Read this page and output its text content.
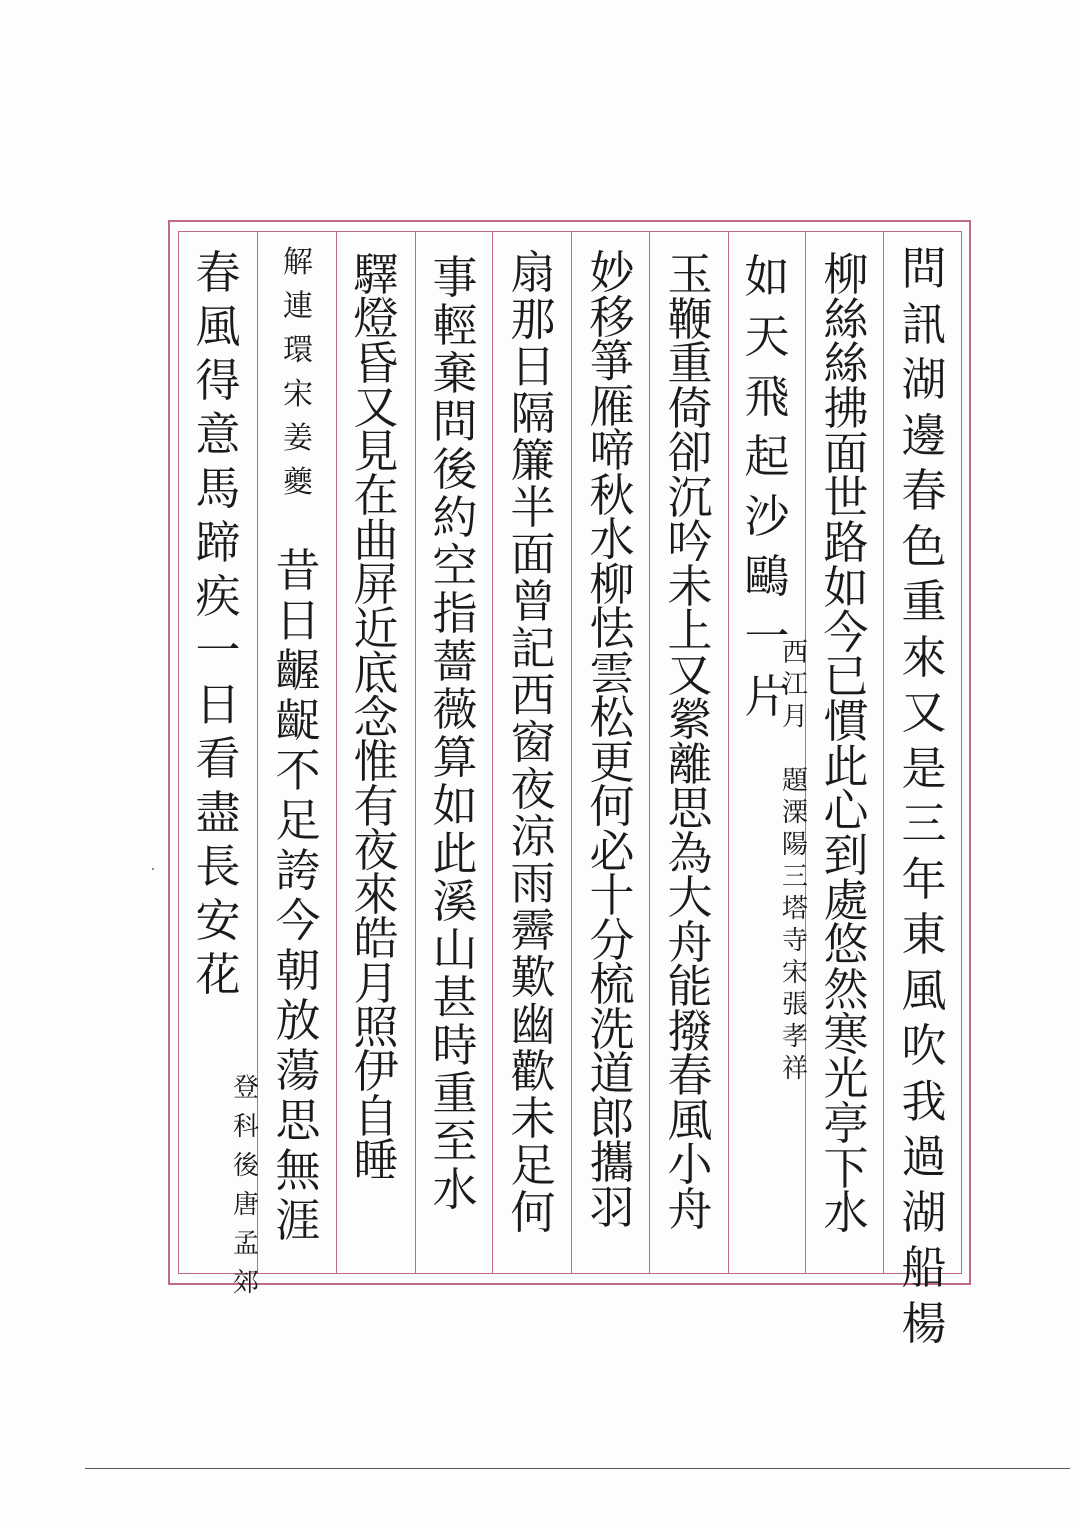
問
訊
湖
邊
春
色
重
來
又
是
三
年
東
風
吹
我
過
湖
船
楊
柳
絲
絲
拂
面
世
路
如
今
已
慣
此
心
到
處
悠
然
寒
光
亭
下
水
如
天
飛
起
沙
鷗
一
片
西
江
月

題
溧
陽
三
塔
寺
宋
張
孝
祥
玉
鞭
重
倚
卻
沉
吟
未
上
又
縈
離
思
為
大
舟
能
撥
春
風
小
舟
妙
移
箏
雁
啼
秋
水
柳
怯
雲
松
更
何
必
十
分
梳
洗
道
郎
攜
羽
扇
那
日
隔
簾
半
面
曾
記
西
窗
夜
涼
雨
霽
歎
幽
歡
未
足
何
事
輕
棄
問
後
約
空
指
薔
薇
算
如
此
溪
山
甚
時
重
至
水
驛
燈
昏
又
見
在
曲
屏
近
底
念
惟
有
夜
來
皓
月
照
伊
自
睡
解
連
環
宋
姜
夔
昔
日
齷
齪
不
足
誇
今
朝
放
蕩
思
無
涯
春
風
得
意
馬
蹄
疾
一
日
看
盡
長
安
花
登
科
後
唐
孟
郊
